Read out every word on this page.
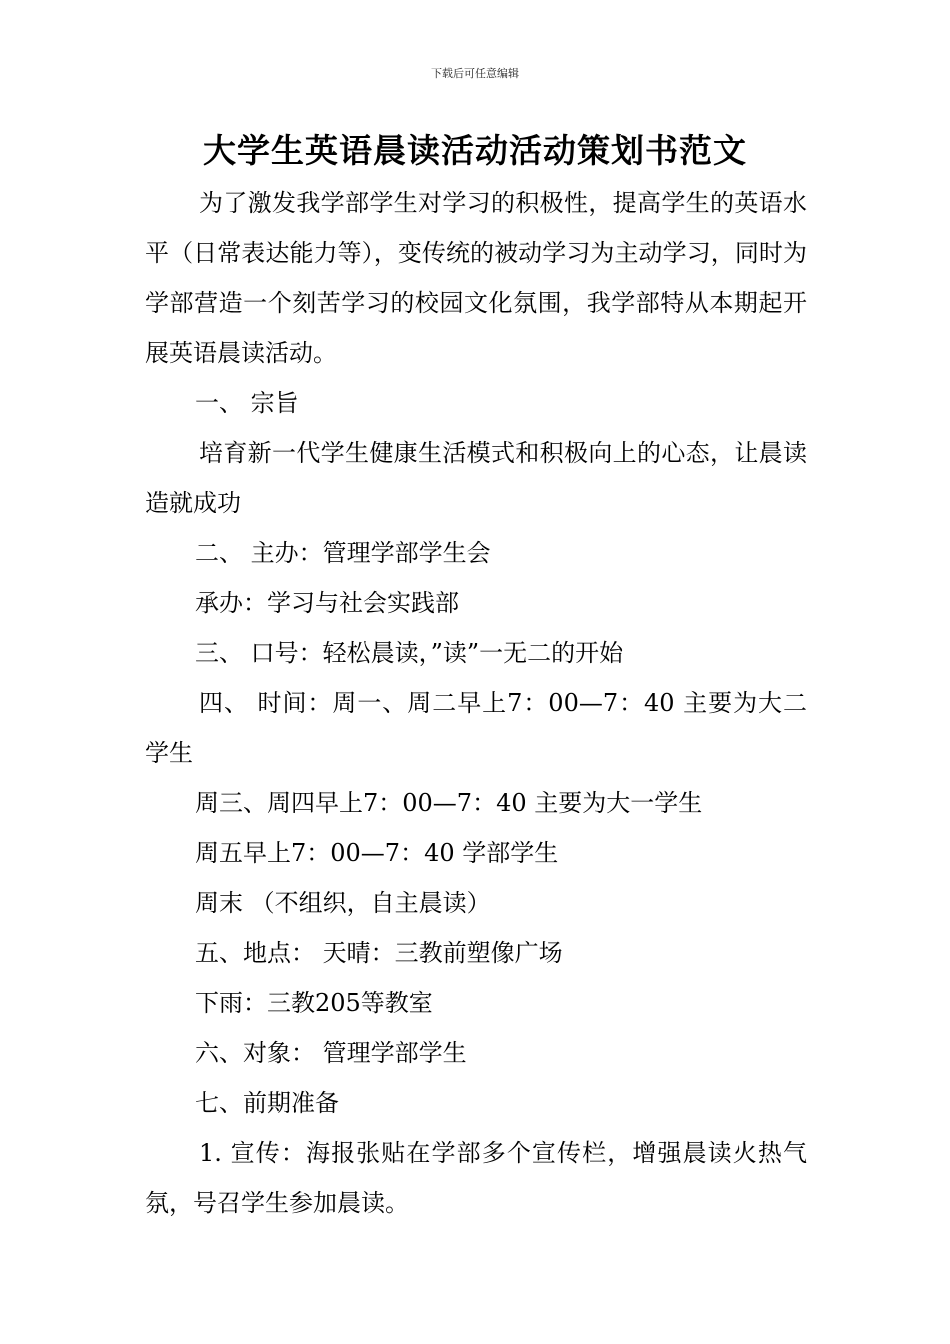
下载后可任意编辑
大学生英语晨读活动活动策划书范文

为了激发我学部学生对学习的积极性，提高学生的英语水平（日常表达能力等），变传统的被动学习为主动学习，同时为学部营造一个刻苦学习的校园文化氛围，我学部特从本期起开展英语晨读活动。

一、 宗旨

培育新一代学生健康生活模式和积极向上的心态，让晨读造就成功

二、 主办：管理学部学生会

承办：学习与社会实践部

三、 口号：轻松晨读，”读”一无二的开始

四、 时间：周一、周二早上7：00—7：40 主要为大二学生

周三、周四早上7：00—7：40 主要为大一学生

周五早上7：00—7：40 学部学生

周末 （不组织，自主晨读）

五、地点： 天晴：三教前塑像广场

下雨：三教205等教室

六、对象： 管理学部学生

七、前期准备

1. 宣传：海报张贴在学部多个宣传栏，增强晨读火热气氛，号召学生参加晨读。
